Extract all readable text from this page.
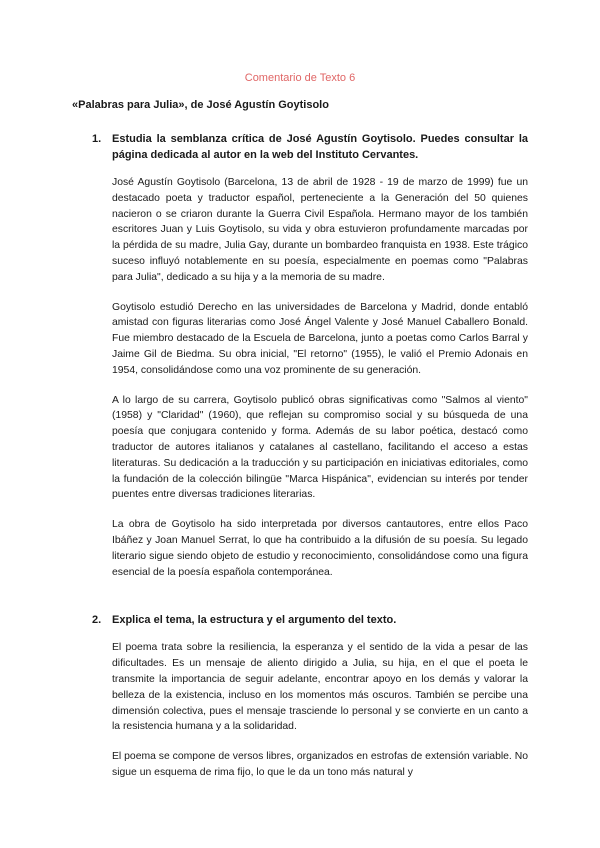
Comentario de Texto 6

«Palabras para Julia», de José Agustín Goytisolo

1. Estudia la semblanza crítica de José Agustín Goytisolo. Puedes consultar la página dedicada al autor en la web del Instituto Cervantes.

José Agustín Goytisolo (Barcelona, 13 de abril de 1928 - 19 de marzo de 1999) fue un destacado poeta y traductor español, perteneciente a la Generación del 50 quienes nacieron o se criaron durante la Guerra Civil Española. Hermano mayor de los también escritores Juan y Luis Goytisolo, su vida y obra estuvieron profundamente marcadas por la pérdida de su madre, Julia Gay, durante un bombardeo franquista en 1938. Este trágico suceso influyó notablemente en su poesía, especialmente en poemas como "Palabras para Julia", dedicado a su hija y a la memoria de su madre.

Goytisolo estudió Derecho en las universidades de Barcelona y Madrid, donde entabló amistad con figuras literarias como José Ángel Valente y José Manuel Caballero Bonald. Fue miembro destacado de la Escuela de Barcelona, junto a poetas como Carlos Barral y Jaime Gil de Biedma. Su obra inicial, "El retorno" (1955), le valió el Premio Adonais en 1954, consolidándose como una voz prominente de su generación.

A lo largo de su carrera, Goytisolo publicó obras significativas como "Salmos al viento" (1958) y "Claridad" (1960), que reflejan su compromiso social y su búsqueda de una poesía que conjugara contenido y forma. Además de su labor poética, destacó como traductor de autores italianos y catalanes al castellano, facilitando el acceso a estas literaturas. Su dedicación a la traducción y su participación en iniciativas editoriales, como la fundación de la colección bilingüe "Marca Hispánica", evidencian su interés por tender puentes entre diversas tradiciones literarias.

La obra de Goytisolo ha sido interpretada por diversos cantautores, entre ellos Paco Ibáñez y Joan Manuel Serrat, lo que ha contribuido a la difusión de su poesía. Su legado literario sigue siendo objeto de estudio y reconocimiento, consolidándose como una figura esencial de la poesía española contemporánea.

2. Explica el tema, la estructura y el argumento del texto.

El poema trata sobre la resiliencia, la esperanza y el sentido de la vida a pesar de las dificultades. Es un mensaje de aliento dirigido a Julia, su hija, en el que el poeta le transmite la importancia de seguir adelante, encontrar apoyo en los demás y valorar la belleza de la existencia, incluso en los momentos más oscuros. También se percibe una dimensión colectiva, pues el mensaje trasciende lo personal y se convierte en un canto a la resistencia humana y a la solidaridad.

El poema se compone de versos libres, organizados en estrofas de extensión variable. No sigue un esquema de rima fijo, lo que le da un tono más natural y
